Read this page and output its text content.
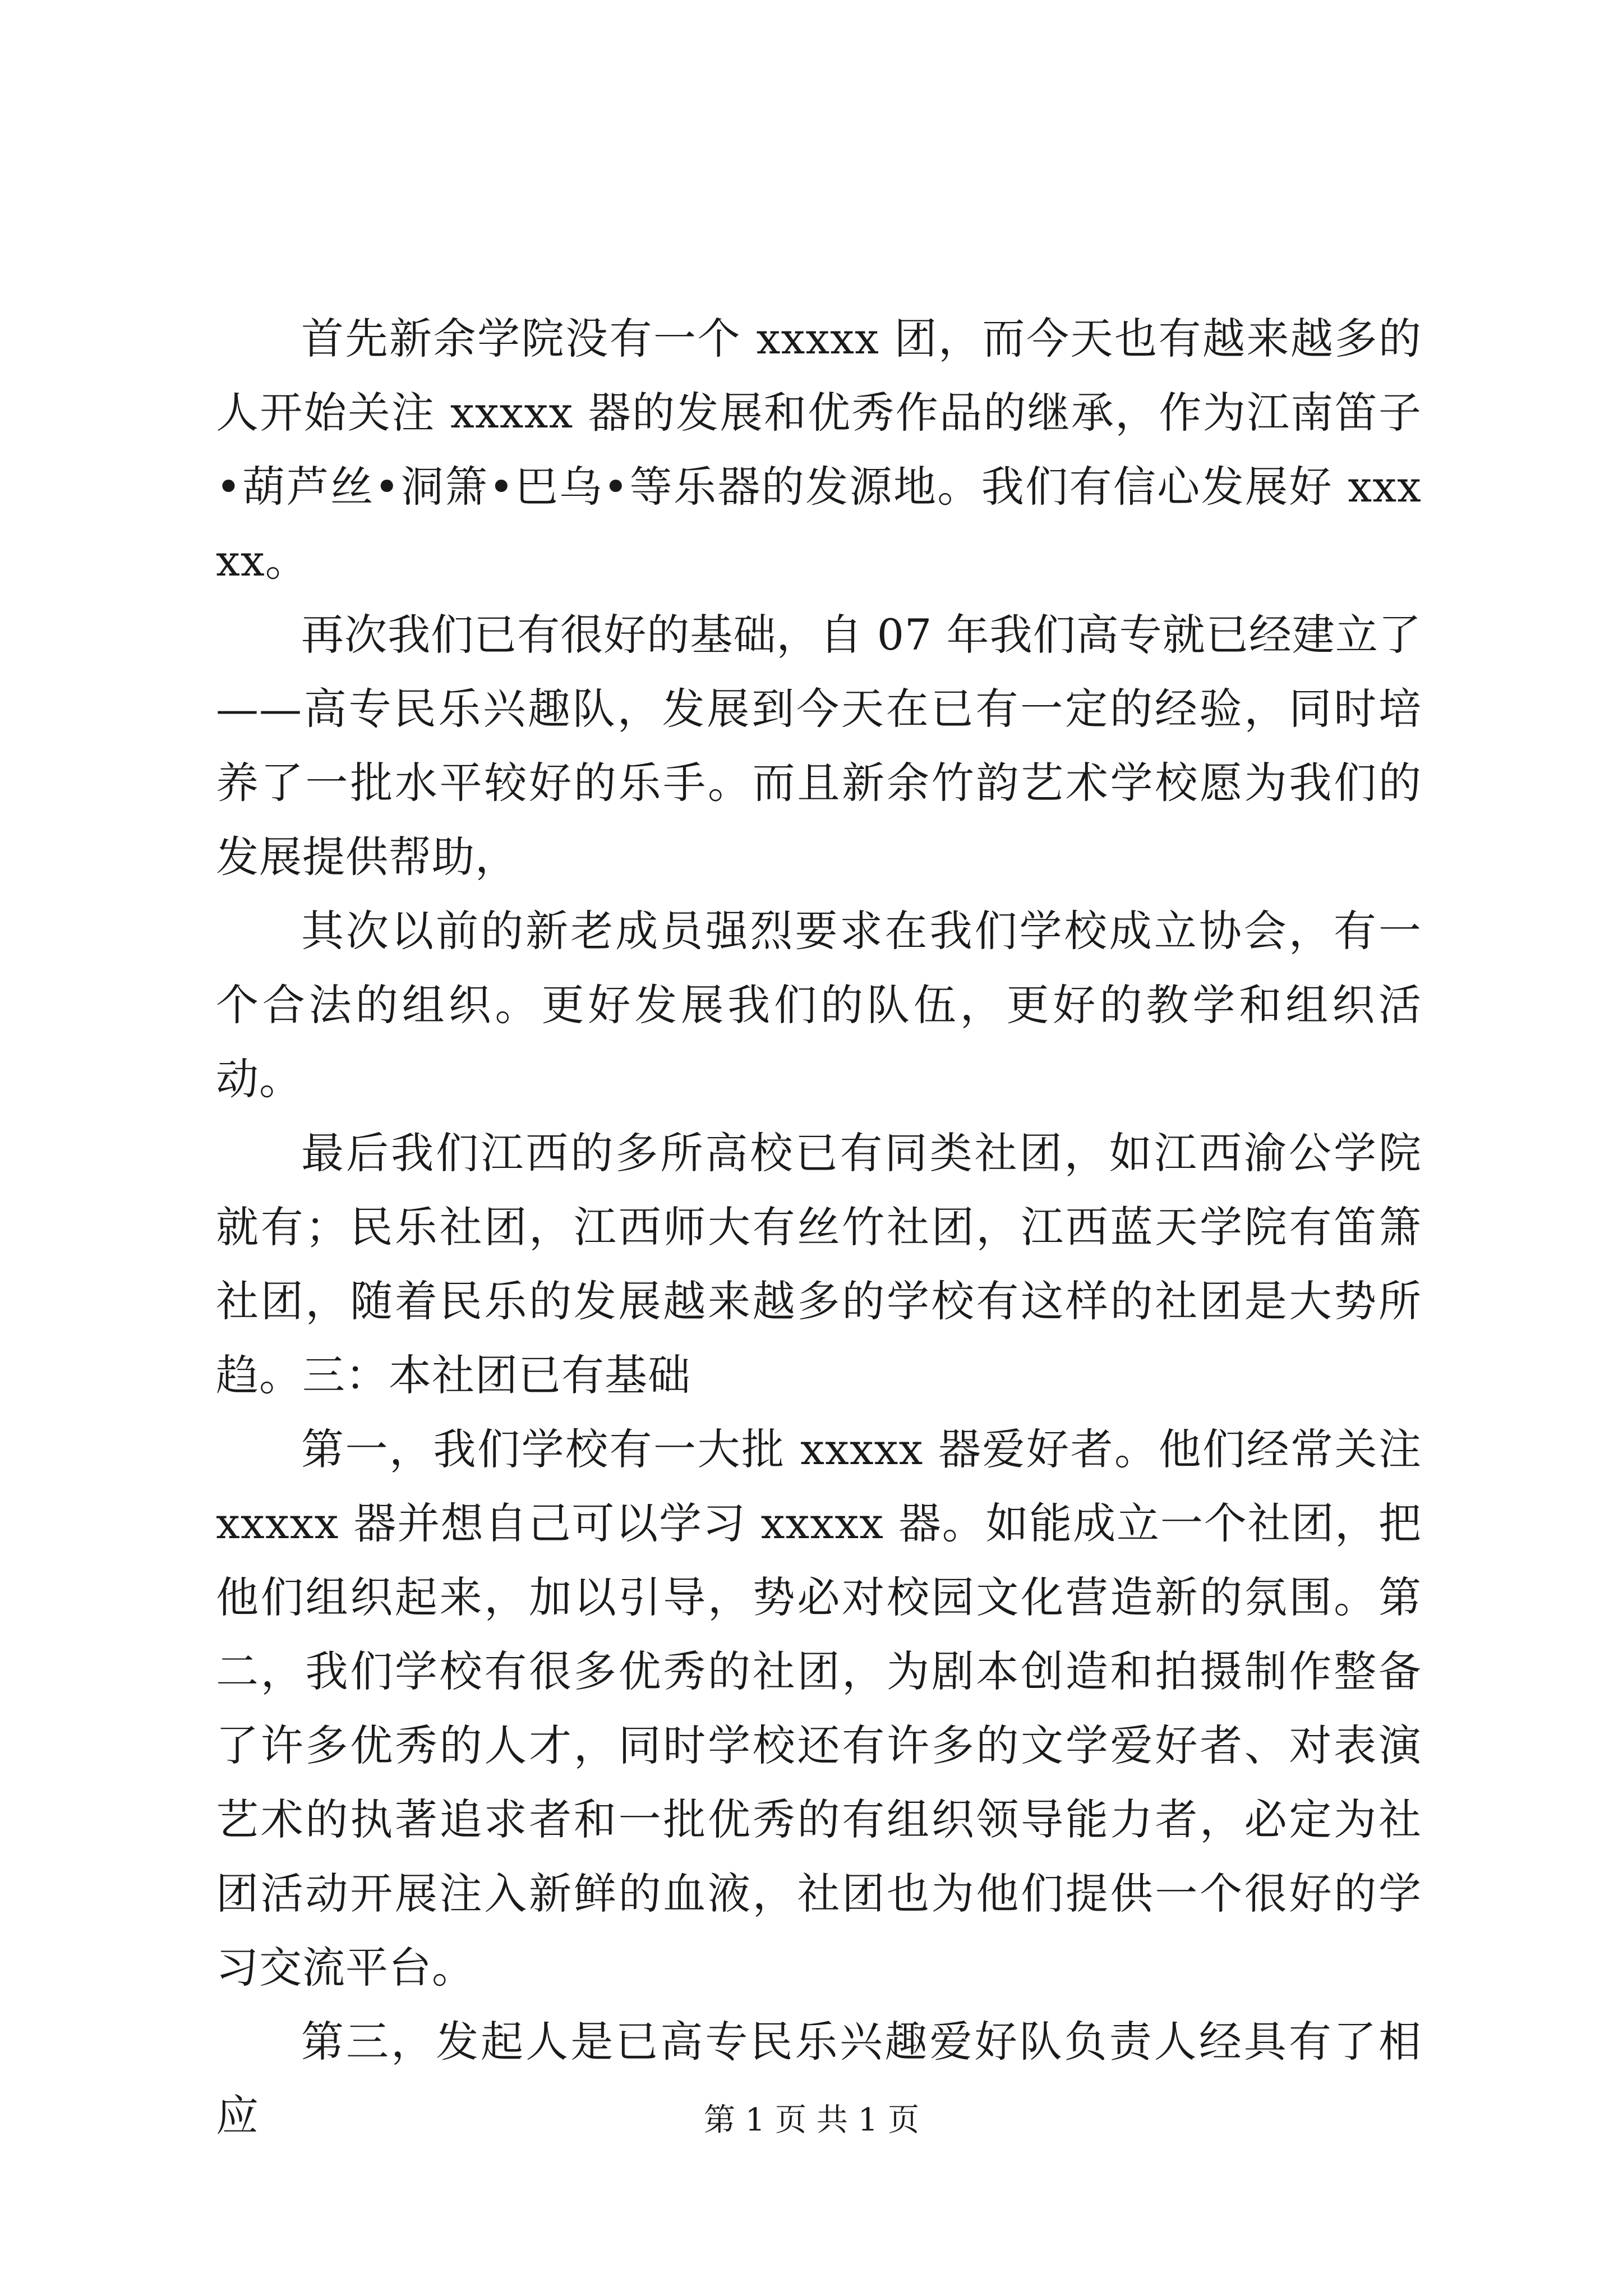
首先新余学院没有一个 xxxxx 团，而今天也有越来越多的人开始关注 xxxxx 器的发展和优秀作品的继承，作为江南笛子•葫芦丝•洞箫•巴乌•等乐器的发源地。我们有信心发展好 xxxxx。

再次我们已有很好的基础，自 07 年我们高专就已经建立了——高专民乐兴趣队，发展到今天在已有一定的经验，同时培养了一批水平较好的乐手。而且新余竹韵艺术学校愿为我们的发展提供帮助，

其次以前的新老成员强烈要求在我们学校成立协会，有一个合法的组织。更好发展我们的队伍，更好的教学和组织活动。

最后我们江西的多所高校已有同类社团，如江西渝公学院就有；民乐社团，江西师大有丝竹社团，江西蓝天学院有笛箫社团，随着民乐的发展越来越多的学校有这样的社团是大势所趋。三：本社团已有基础

第一，我们学校有一大批 xxxxx 器爱好者。他们经常关注 xxxxx 器并想自己可以学习 xxxxx 器。如能成立一个社团，把他们组织起来，加以引导，势必对校园文化营造新的氛围。第二，我们学校有很多优秀的社团，为剧本创造和拍摄制作整备了许多优秀的人才，同时学校还有许多的文学爱好者、对表演艺术的执著追求者和一批优秀的有组织领导能力者，必定为社团活动开展注入新鲜的血液，社团也为他们提供一个很好的学习交流平台。

第三，发起人是已高专民乐兴趣爱好队负责人经具有了相应	第 1 页 共 1 页
